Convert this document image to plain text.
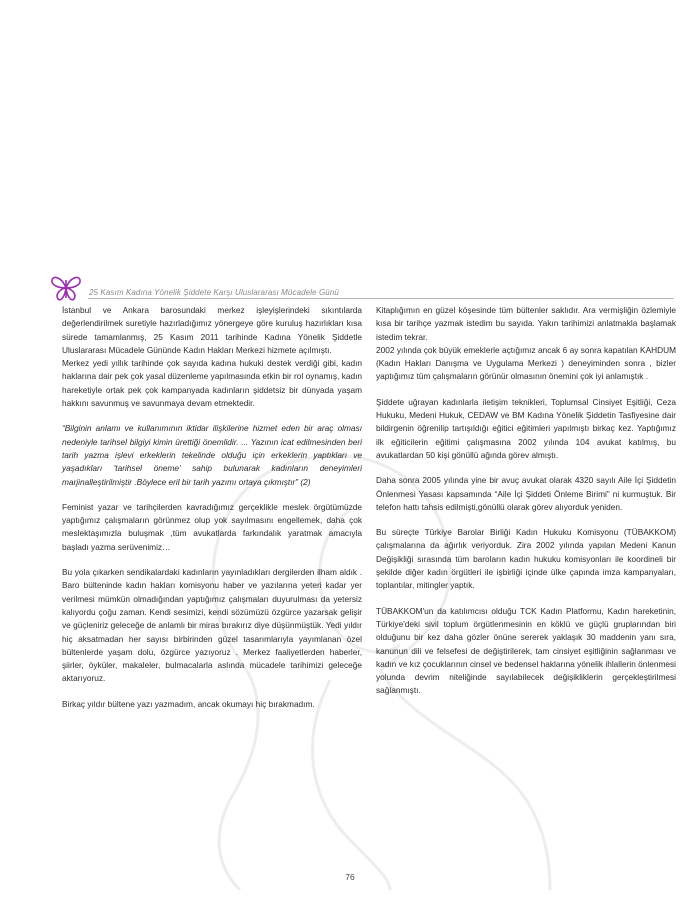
25 Kasım Kadına Yönelik Şiddete Karşı Uluslararası Mücadele Günü

İstanbul ve Ankara barosundaki merkez işleyişlerindeki sıkıntılarda değerlendirilmek suretiyle hazırladığımız yönergeye göre kuruluş hazırlıkları kısa sürede tamamlanmış, 25 Kasım 2011 tarihinde Kadına Yönelik Şiddetle Uluslararası Mücadele Gününde Kadın Hakları Merkezi hizmete açılmıştı.

Merkez yedi yıllık tarihinde çok sayıda kadına hukuki destek verdiği gibi, kadın haklarına dair pek çok yasal düzenleme yapılmasında etkin bir rol oynamış, kadın hareketiyle ortak pek çok kampanyada kadınların şiddetsiz bir dünyada yaşam hakkını savunmuş ve savunmaya devam etmektedir.

“Bilginin anlamı ve kullanımının iktidar ilişkilerine hizmet eden bir araç olması nedeniyle tarihsel bilgiyi kimin ürettiği önemlidir. ... Yazının icat edilmesinden beri tarih yazma işlevi erkeklerin tekelinde olduğu için erkeklerin yaptıkları ve yaşadıkları 'tarihsel öneme' sahip bulunarak kadınların deneyimleri marjinalleştirilmiştir .Böylece eril bir tarih yazımı ortaya çıkmıştır” (2)

Feminist yazar ve tarihçilerden kavradığımız gerçeklikle meslek örgütümüzde yaptığımız çalışmaların görünmez olup yok sayılmasını engellemek, daha çok meslektaşımızla buluşmak ,tüm avukatlarda farkındalık yaratmak amacıyla başladı yazma serüvenimiz…

Bu yola çıkarken sendikalardaki kadınların yayınladıkları dergilerden ilham aldık . Baro bülteninde kadın hakları komisyonu haber ve yazılarına yeteri kadar yer verilmesi mümkün olmadığından yaptığımız çalışmaları duyurulması da yetersiz kalıyordu çoğu zaman. Kendi sesimizi, kendi sözümüzü özgürce yazarsak gelişir ve güçleniriz geleceğe de anlamlı bir miras bırakırız diye düşünmüştük. Yedi yıldır hiç aksatmadan her sayısı birbirinden güzel tasarımlarıyla yayımlanan özel bültenlerde yaşam dolu, özgürce yazıyoruz . Merkez faaliyetlerden haberler, şiirler, öyküler, makaleler, bulmacalarla aslında mücadele tarihimizi geleceğe aktarıyoruz.

Birkaç yıldır bültene yazı yazmadım, ancak okumayı hiç bırakmadım.

Kitaplığımın en güzel köşesinde tüm bültenler saklıdır. Ara vermişliğin özlemiyle kısa bir tarihçe yazmak istedim bu sayıda. Yakın tarihimizi anlatmakla başlamak istedim tekrar.

2002 yılında çok büyük emeklerle açtığımız ancak 6 ay sonra kapatılan KAHDUM (Kadın Hakları Danışma ve Uygulama Merkezi ) deneyiminden sonra , bizler yaptığımız tüm çalışmaların görünür olmasının önemini çok iyi anlamıştık .

Şiddete uğrayan kadınlarla iletişim teknikleri, Toplumsal Cinsiyet Eşitliği, Ceza Hukuku, Medeni Hukuk, CEDAW ve BM Kadına Yönelik Şiddetin Tasfiyesine dair bildirgenin öğrenilip tartışıldığı eğitici eğitimleri yapılmıştı birkaç kez. Yaptığımız ilk eğiticilerin eğitimi çalışmasına 2002 yılında 104 avukat katılmış, bu avukatlardan 50 kişi gönüllü ağında görev almıştı.

Daha sonra 2005 yılında yine bir avuç avukat olarak 4320 sayılı Aile İçi Şiddetin Önlenmesi Yasası kapsamında “Aile İçi Şiddeti Önleme Birimi” ni kurmuştuk. Bir telefon hattı tahsis edilmişti,gönüllü olarak görev alıyorduk yeniden.

Bu süreçte Türkiye Barolar Birliği Kadın Hukuku Komisyonu (TÜBAKKOM) çalışmalarına da ağırlık veriyorduk. Zira 2002 yılında yapılan Medeni Kanun Değişikliği sırasında tüm baroların kadın hukuku komisyonları ile koordineli bir şekilde diğer kadın örgütleri ile işbirliği içinde ülke çapında imza kampanyaları, toplantılar, mitingler yaptık.

TÜBAKKOM'un da katılımcısı olduğu TCK Kadın Platformu, Kadın hareketinin, Türkiye'deki sivil toplum örgütlenmesinin en köklü ve güçlü gruplarından biri olduğunu bir kez daha gözler önüne sererek yaklaşık 30 maddenin yanı sıra, kanunun dili ve felsefesi de değiştirilerek, tam cinsiyet eşitliğinin sağlanması ve kadın ve kız çocuklarının cinsel ve bedensel haklarına yönelik ihlallerin önlenmesi yolunda devrim niteliğinde sayılabilecek değişikliklerin gerçekleştirilmesi sağlanmıştı.

76
